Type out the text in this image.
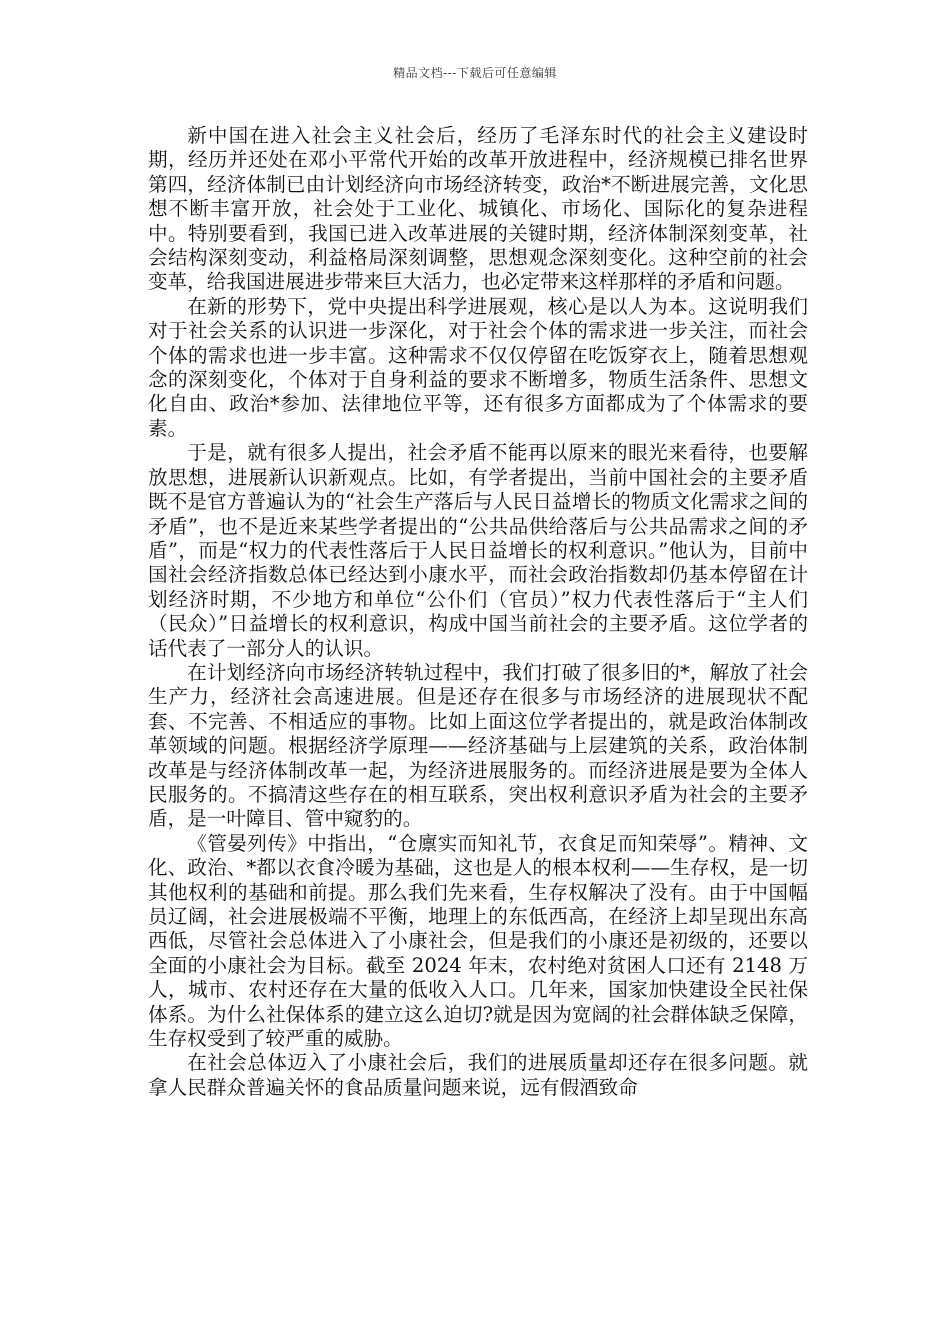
精品文档---下载后可任意编辑

新中国在进入社会主义社会后，经历了毛泽东时代的社会主义建设时期，经历并还处在邓小平常代开始的改革开放进程中，经济规模已排名世界第四，经济体制已由计划经济向市场经济转变，政治*不断进展完善，文化思想不断丰富开放，社会处于工业化、城镇化、市场化、国际化的复杂进程中。特别要看到，我国已进入改革进展的关键时期，经济体制深刻变革，社会结构深刻变动，利益格局深刻调整，思想观念深刻变化。这种空前的社会变革，给我国进展进步带来巨大活力，也必定带来这样那样的矛盾和问题。

在新的形势下，党中央提出科学进展观，核心是以人为本。这说明我们对于社会关系的认识进一步深化，对于社会个体的需求进一步关注，而社会个体的需求也进一步丰富。这种需求不仅仅停留在吃饭穿衣上，随着思想观念的深刻变化，个体对于自身利益的要求不断增多，物质生活条件、思想文化自由、政治*参加、法律地位平等，还有很多方面都成为了个体需求的要素。

于是，就有很多人提出，社会矛盾不能再以原来的眼光来看待，也要解放思想，进展新认识新观点。比如，有学者提出，当前中国社会的主要矛盾既不是官方普遍认为的“社会生产落后与人民日益增长的物质文化需求之间的矛盾”，也不是近来某些学者提出的“公共品供给落后与公共品需求之间的矛盾”，而是“权力的代表性落后于人民日益增长的权利意识。”他认为，目前中国社会经济指数总体已经达到小康水平，而社会政治指数却仍基本停留在计划经济时期，不少地方和单位“公仆们（官员）”权力代表性落后于“主人们（民众）”日益增长的权利意识，构成中国当前社会的主要矛盾。这位学者的话代表了一部分人的认识。

在计划经济向市场经济转轨过程中，我们打破了很多旧的*，解放了社会生产力，经济社会高速进展。但是还存在很多与市场经济的进展现状不配套、不完善、不相适应的事物。比如上面这位学者提出的，就是政治体制改革领域的问题。根据经济学原理——经济基础与上层建筑的关系，政治体制改革是与经济体制改革一起，为经济进展服务的。而经济进展是要为全体人民服务的。不搞清这些存在的相互联系，突出权利意识矛盾为社会的主要矛盾，是一叶障目、管中窥豹的。

《管晏列传》中指出，“仓廪实而知礼节，衣食足而知荣辱”。精神、文化、政治、*都以衣食冷暖为基础，这也是人的根本权利——生存权，是一切其他权利的基础和前提。那么我们先来看，生存权解决了没有。由于中国幅员辽阔，社会进展极端不平衡，地理上的东低西高，在经济上却呈现出东高西低，尽管社会总体进入了小康社会，但是我们的小康还是初级的，还要以全面的小康社会为目标。截至 2024 年末，农村绝对贫困人口还有 2148 万人，城市、农村还存在大量的低收入人口。几年来，国家加快建设全民社保体系。为什么社保体系的建立这么迫切?就是因为宽阔的社会群体缺乏保障，生存权受到了较严重的威胁。

在社会总体迈入了小康社会后，我们的进展质量却还存在很多问题。就拿人民群众普遍关怀的食品质量问题来说，远有假酒致命
